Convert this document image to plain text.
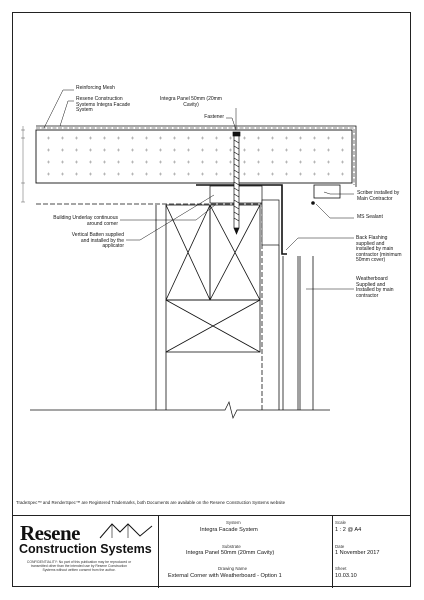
Reinforcing Mesh
Resene Construction
Systems Integra Facade
System
Integra Panel 50mm (20mm
Cavity)
Fastener
Scriber installed by
Main Contractor
MS Sealant
Building Underlay continuous
around corner
Vertical Batten supplied
and installed by the
applicator
Back Flashing
supplied and
installed by main
contractor (minimum
50mm cover)
Weatherboard
Supplied and
Installed by main
contractor
TradeSpec™ and RenderSpec™ are Registered Trademarks, both Documents are available on the Resene Construction Systems website
Resene
Construction Systems
CONFIDENTIALITY: No part of this publication may be reproduced or transmitted other than the intended use by Resene Construction Systems without written consent from the author.
System
Integra Facade System
Substrate
Integra Panel 50mm (20mm Cavity)
Drawing Name
External Corner with Weatherboard - Option 1
Scale
1 : 2 @ A4
Date
1 November 2017
Sheet
10.03.10
